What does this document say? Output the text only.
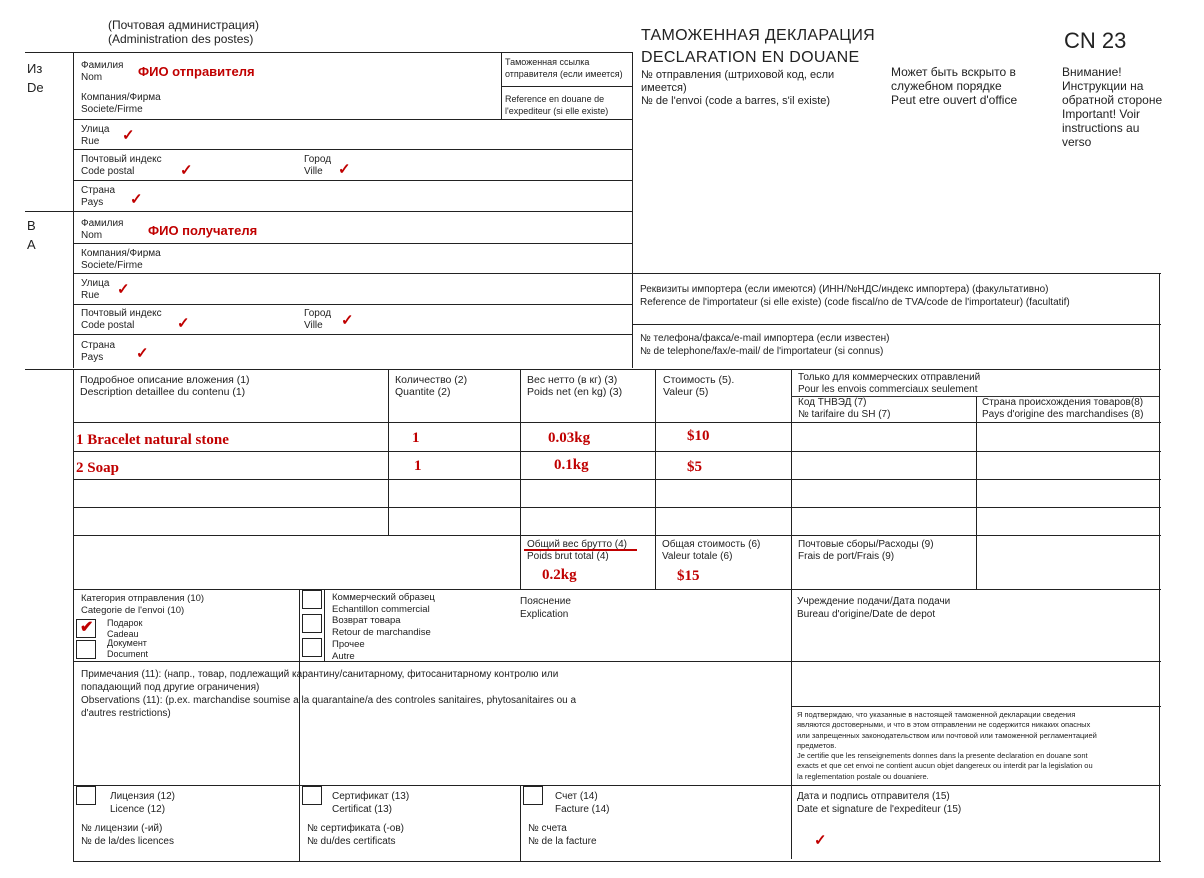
(Почтовая администрация)
(Administration des postes)	ТАМОЖЕННАЯ ДЕКЛАРАЦИЯ
DECLARATION EN DOUANE
CN 23
№ отправления (штриховой код, если
имеется)
№ de l'envoi (code a barres, s'il existe)
Может быть вскрыто в
служебном порядке
Peut etre ouvert d'office
Внимание!
Инструкции на
обратной стороне
Important! Voir
instructions au
verso
Из
De
Фамилия
Nom	ФИО отправителя
Таможенная ссылка
отправителя (если имеется)
Компания/Фирма
Societe/Firme
Reference en douane de
l'expediteur (si elle existe)
Улица
Rue	✓
Почтовый индекс
Code postal	✓
Город
Ville	✓
Страна
Pays	✓
В
A
Фамилия
Nom	ФИО получателя
Компания/Фирма
Societe/Firme
Улица
Rue	✓
Почтовый индекс
Code postal	✓
Город
Ville	✓
Страна
Pays	✓
Реквизиты импортера (если имеются) (ИНН/№НДС/индекс импортера) (факультативно)
Reference de l'importateur (si elle existe) (code fiscal/no de TVA/code de l'importateur) (facultatif)
№ телефона/факса/e-mail импортера (если известен)
№ de telephone/fax/e-mail/ de l'importateur (si connus)
Подробное описание вложения (1)
Description detaillee du contenu (1)
Количество (2)
Quantite (2)
Вес нетто (в кг) (3)
Poids net (en kg) (3)
Стоимость (5).
Valeur (5)
Только для коммерческих отправлений
Pour les envois commerciaux seulement
Код ТНВЭД (7)
№ tarifaire du SH (7)
Страна происхождения товаров(8)
Pays d'origine des marchandises (8)
1 Bracelet natural stone	1	0.03kg	$10
2 Soap	1	0.1kg	$5
Общий вес брутто (4)
Poids brut total (4)
0.2kg
Общая стоимость (6)
Valeur totale (6)
$15
Почтовые сборы/Расходы (9)
Frais de port/Frais (9)
Категория отправления (10)
Categorie de l'envoi (10)
✔ Подарок
Cadeau
Документ
Document
Коммерческий образец
Echantillon commercial
Возврат товара
Retour de marchandise
Прочее
Autre
Пояснение
Explication
Учреждение подачи/Дата подачи
Bureau d'origine/Date de depot
Примечания (11): (напр., товар, подлежащий карантину/санитарному, фитосанитарному контролю или
попадающий под другие ограничения)
Observations (11): (p.ex. marchandise soumise a la quarantaine/a des controles sanitaires, phytosanitaires ou a
d'autres restrictions)	Я подтверждаю, что указанные в настоящей таможенной декларации сведения
являются достоверными, и что в этом отправлении не содержится никаких опасных
или запрещенных законодательством или почтовой или таможенной регламентацией
предметов.
Je certifie que les renseignements donnes dans la presente declaration en douane sont
exacts et que cet envoi ne contient aucun objet dangereux ou interdit par la legislation ou
la reglementation postale ou douaniere.
Лицензия (12)
Licence (12)
№ лицензии (-ий)
№ de la/des licences
Сертификат (13)
Certificat (13)
№ сертификата (-ов)
№ du/des certificats
Счет (14)
Facture (14)
№ счета
№ de la facture
Дата и подпись отправителя (15)
Date et signature de l'expediteur (15)
✓
